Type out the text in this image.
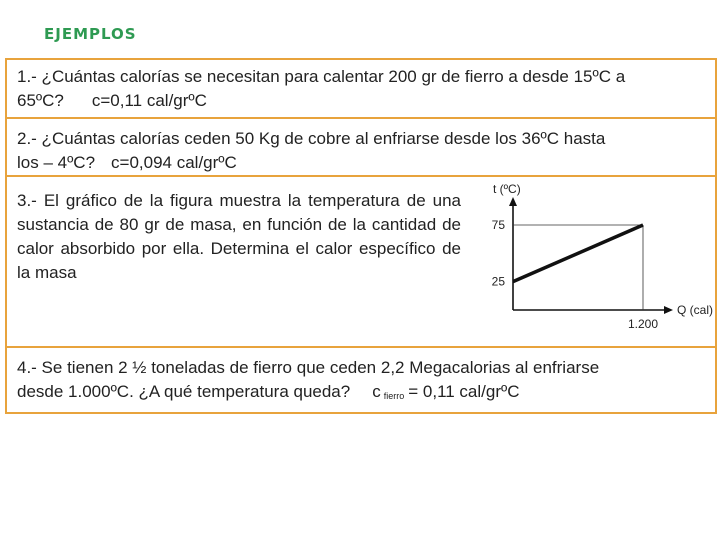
EJEMPLOS
1.- ¿Cuántas calorías se necesitan para calentar 200 gr de fierro a desde 15ºC a
65ºC? c=0,11 cal/grºC
2.- ¿Cuántas calorías ceden 50 Kg de cobre al enfriarse desde los 36ºC hasta
los – 4ºC? c=0,094 cal/grºC
3.- El gráfico de la figura muestra la temperatura de una sustancia de 80 gr de masa, en función de la cantidad de calor absorbido por ella. Determina el calor específico de la masa
75
25
1.200
t (ºC)
Q (cal)
4.- Se tienen 2 ½ toneladas de fierro que ceden 2,2 Megacalorias al enfriarse
desde 1.000ºC. ¿A qué temperatura queda? c $_{fierro}$ = 0,11 cal/grºC
